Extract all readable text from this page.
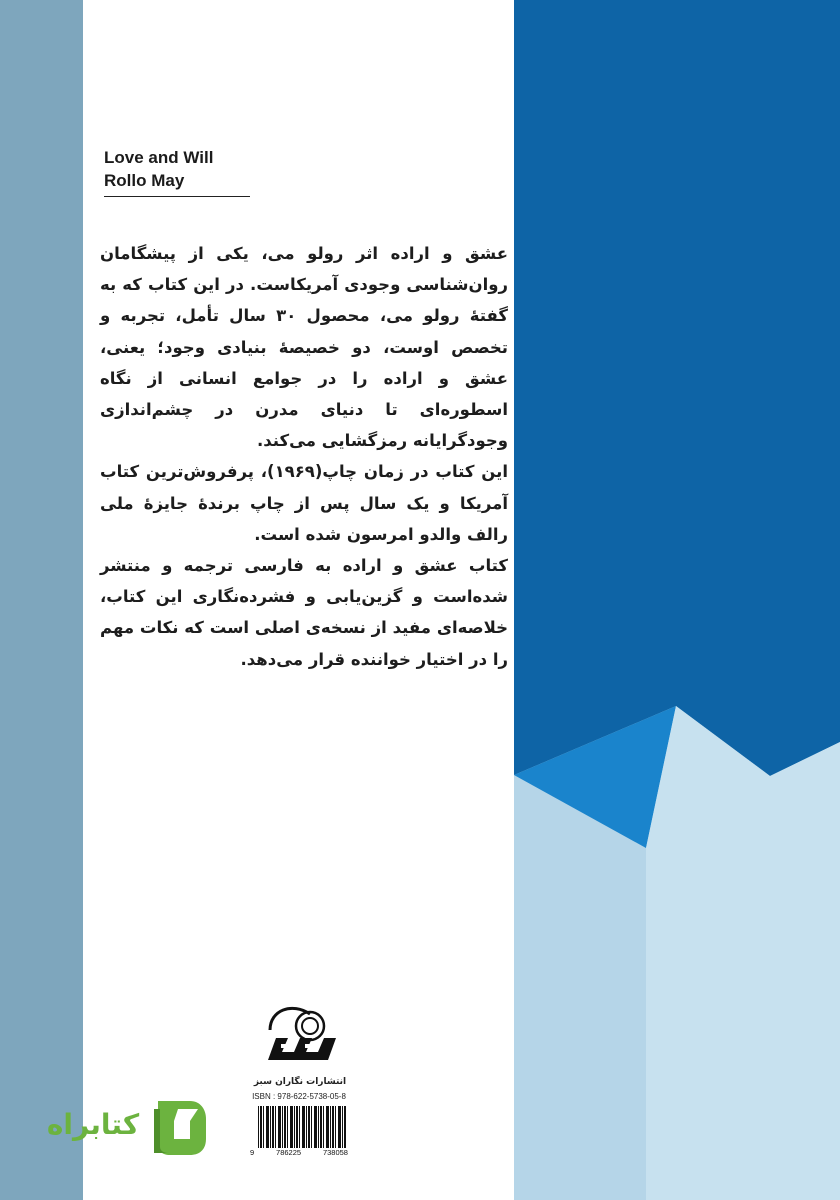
Love and Will
Rollo May

عشق و اراده اثر رولو می، یکی از پیشگامان روان‌شناسی وجودی آمریکاست. در این کتاب که به گفتهٔ رولو می، محصول ۳۰ سال تأمل، تجربه و تخصص اوست، دو خصیصهٔ بنیادی وجود؛ یعنی، عشق و اراده را در جوامع انسانی از نگاه اسطوره‌ای تا دنیای مدرن در چشم‌اندازی وجودگرایانه رمزگشایی می‌کند.

این کتاب در زمان چاپ(۱۹۶۹)، پرفروش‌ترین کتاب آمریکا و یک سال پس از چاپ برندهٔ جایزهٔ ملی رالف والدو امرسون شده است.

کتاب عشق و اراده به فارسی ترجمه و منتشر شده‌است و گزین‌یابی و فشرده‌نگاری این کتاب، خلاصه‌ای مفید از نسخه‌ی اصلی است که نکات مهم را در اختیار خواننده قرار می‌دهد.

انتشارات نگاران سبز
ISBN : 978-622-5738-05-8
9	786225	738058
کتابراه
